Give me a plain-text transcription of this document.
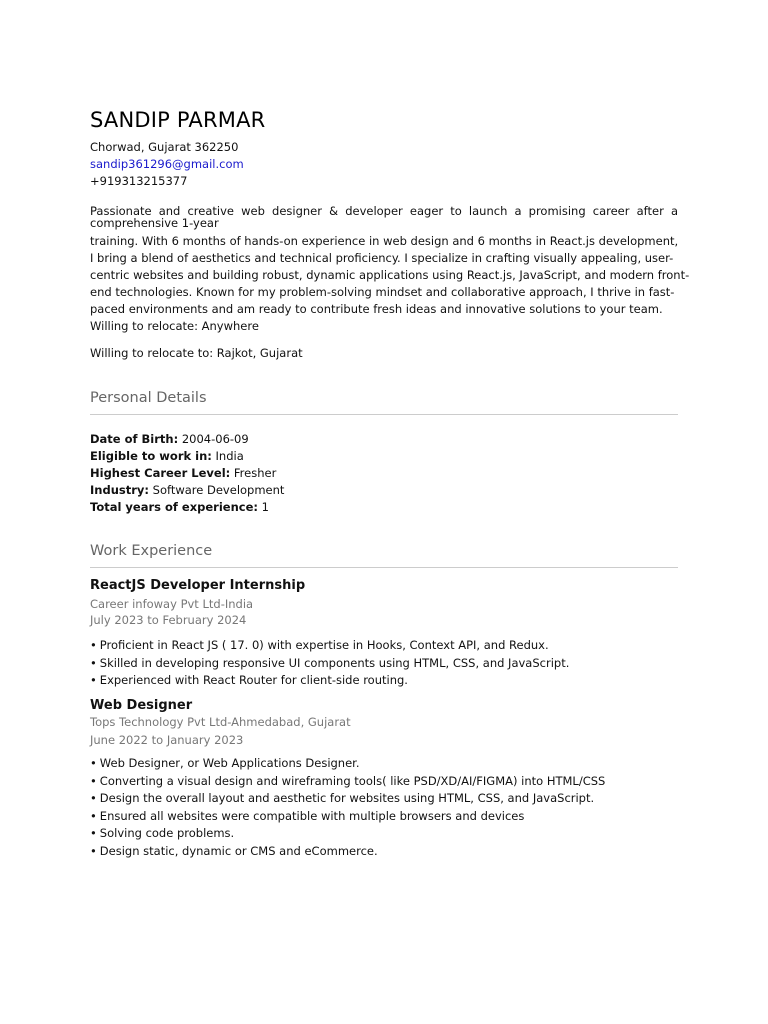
SANDIP PARMAR
Chorwad, Gujarat 362250
sandip361296@gmail.com
+919313215377
Passionate and creative web designer & developer eager to launch a promising career after a comprehensive 1-year
training. With 6 months of hands-on experience in web design and 6 months in React.js development,
I bring a blend of aesthetics and technical proficiency. I specialize in crafting visually appealing, user-
centric websites and building robust, dynamic applications using React.js, JavaScript, and modern front-
end technologies. Known for my problem-solving mindset and collaborative approach, I thrive in fast-
paced environments and am ready to contribute fresh ideas and innovative solutions to your team.
Willing to relocate: Anywhere
Willing to relocate to: Rajkot, Gujarat
Personal Details
Date of Birth: 2004-06-09
Eligible to work in: India
Highest Career Level: Fresher
Industry: Software Development
Total years of experience: 1
Work Experience
ReactJS Developer Internship
Career infoway Pvt Ltd-India
July 2023 to February 2024
• Proficient in React JS ( 17. 0) with expertise in Hooks, Context API, and Redux.
• Skilled in developing responsive UI components using HTML, CSS, and JavaScript.
• Experienced with React Router for client-side routing.
Web Designer
Tops Technology Pvt Ltd-Ahmedabad, Gujarat
June 2022 to January 2023
• Web Designer, or Web Applications Designer.
• Converting a visual design and wireframing tools( like PSD/XD/AI/FIGMA) into HTML/CSS
• Design the overall layout and aesthetic for websites using HTML, CSS, and JavaScript.
• Ensured all websites were compatible with multiple browsers and devices
• Solving code problems.
• Design static, dynamic or CMS and eCommerce.
